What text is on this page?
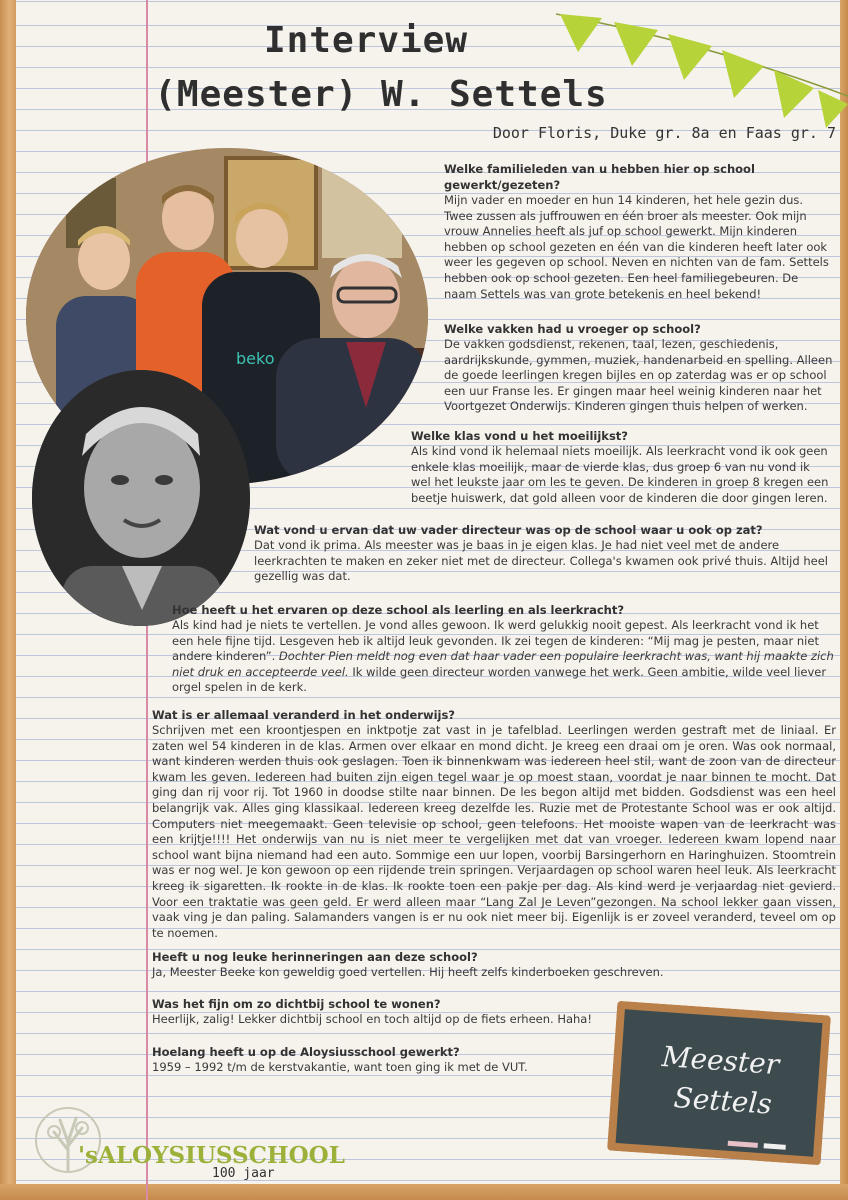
Interview
(Meester) W. Settels
Door Floris, Duke gr. 8a en Faas gr. 7
beko
Welke familieleden van u hebben hier op school gewerkt/gezeten?
Mijn vader en moeder en hun 14 kinderen, het hele gezin dus. Twee zussen als juffrouwen en één broer als meester. Ook mijn vrouw Annelies heeft als juf op school gewerkt. Mijn kinderen hebben op school gezeten en één van die kinderen heeft later ook weer les gegeven op school. Neven en nichten van de fam. Settels hebben ook op school gezeten. Een heel familiegebeuren. De naam Settels was van grote betekenis en heel bekend!
Welke vakken had u vroeger op school?
De vakken godsdienst, rekenen, taal, lezen, geschiedenis, aardrijkskunde, gymmen, muziek, handenarbeid en spelling. Alleen de goede leerlingen kregen bijles en op zaterdag was er op school een uur Franse les. Er gingen maar heel weinig kinderen naar het Voortgezet Onderwijs. Kinderen gingen thuis helpen of werken.
Welke klas vond u het moeilijkst?
Als kind vond ik helemaal niets moeilijk. Als leerkracht vond ik ook geen enkele klas moeilijk, maar de vierde klas, dus groep 6 van nu vond ik wel het leukste jaar om les te geven. De kinderen in groep 8 kregen een beetje huiswerk, dat gold alleen voor de kinderen die door gingen leren.
Wat vond u ervan dat uw vader directeur was op de school waar u ook op zat?
Dat vond ik prima. Als meester was je baas in je eigen klas. Je had niet veel met de andere leerkrachten te maken en zeker niet met de directeur. Collega's kwamen ook privé thuis. Altijd heel gezellig was dat.
Hoe heeft u het ervaren op deze school als leerling en als leerkracht?
Als kind had je niets te vertellen. Je vond alles gewoon. Ik werd gelukkig nooit gepest. Als leerkracht vond ik het een hele fijne tijd. Lesgeven heb ik altijd leuk gevonden. Ik zei tegen de kinderen: “Mij mag je pesten, maar niet andere kinderen”. Dochter Pien meldt nog even dat haar vader een populaire leerkracht was, want hij maakte zich niet druk en accepteerde veel. Ik wilde geen directeur worden vanwege het werk. Geen ambitie, wilde veel liever orgel spelen in de kerk.
Wat is er allemaal veranderd in het onderwijs?
Schrijven met een kroontjespen en inktpotje zat vast in je tafelblad. Leerlingen werden gestraft met de liniaal. Er zaten wel 54 kinderen in de klas. Armen over elkaar en mond dicht. Je kreeg een draai om je oren. Was ook normaal, want kinderen werden thuis ook geslagen. Toen ik binnenkwam was iedereen heel stil, want de zoon van de directeur kwam les geven. Iedereen had buiten zijn eigen tegel waar je op moest staan, voordat je naar binnen te mocht. Dat ging dan rij voor rij. Tot 1960 in doodse stilte naar binnen. De les begon altijd met bidden. Godsdienst was een heel belangrijk vak. Alles ging klassikaal. Iedereen kreeg dezelfde les. Ruzie met de Protestante School was er ook altijd. Computers niet meegemaakt. Geen televisie op school, geen telefoons. Het mooiste wapen van de leerkracht was een krijtje!!!! Het onderwijs van nu is niet meer te vergelijken met dat van vroeger. Iedereen kwam lopend naar school want bijna niemand had een auto. Sommige een uur lopen, voorbij Barsingerhorn en Haringhuizen. Stoomtrein was er nog wel. Je kon gewoon op een rijdende trein springen. Verjaardagen op school waren heel leuk. Als leerkracht kreeg ik sigaretten. Ik rookte in de klas. Ik rookte toen een pakje per dag. Als kind werd je verjaardag niet gevierd. Voor een traktatie was geen geld. Er werd alleen maar “Lang Zal Je Leven”gezongen. Na school lekker gaan vissen, vaak ving je dan paling. Salamanders vangen is er nu ook niet meer bij. Eigenlijk is er zoveel veranderd, teveel om op te noemen.
Heeft u nog leuke herinneringen aan deze school?
Ja, Meester Beeke kon geweldig goed vertellen. Hij heeft zelfs kinderboeken geschreven.
Was het fijn om zo dichtbij school te wonen?
Heerlijk, zalig! Lekker dichtbij school en toch altijd op de fiets erheen. Haha!
Hoelang heeft u op de Aloysiusschool gewerkt?
1959 – 1992 t/m de kerstvakantie, want toen ging ik met de VUT.	Meester
Settels
'sALOYSIUSSCHOOL
100 jaar
